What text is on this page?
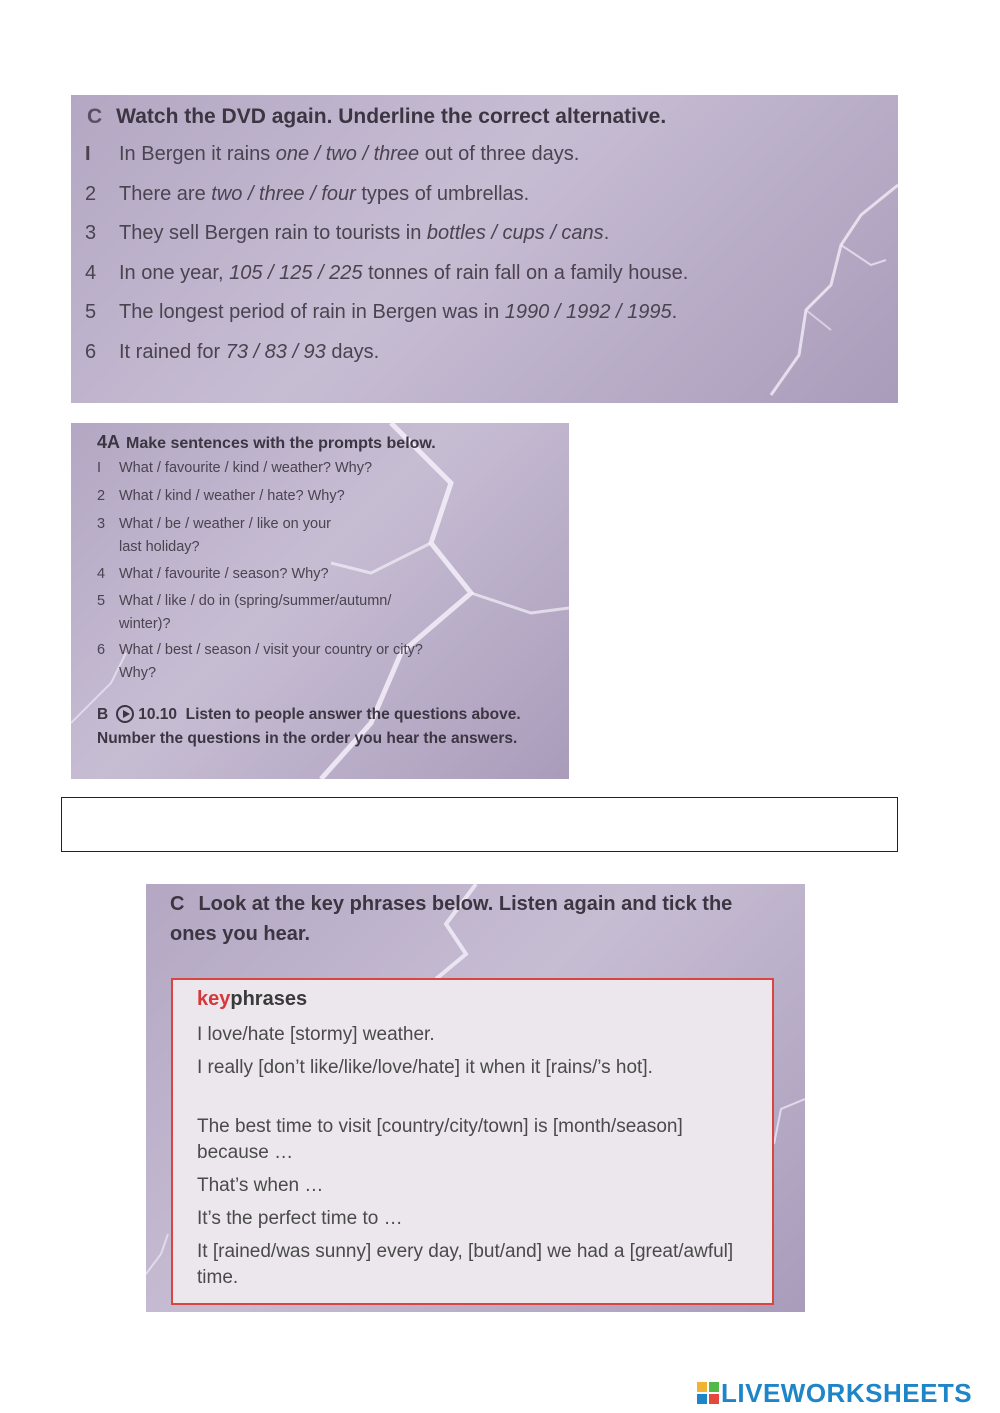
C Watch the DVD again. Underline the correct alternative.
I In Bergen it rains one / two / three out of three days.
2 There are two / three / four types of umbrellas.
3 They sell Bergen rain to tourists in bottles / cups / cans.
4 In one year, 105 / 125 / 225 tonnes of rain fall on a family house.
5 The longest period of rain in Bergen was in 1990 / 1992 / 1995.
6 It rained for 73 / 83 / 93 days.
4A Make sentences with the prompts below.
I What / favourite / kind / weather? Why?
2 What / kind / weather / hate? Why?
3 What / be / weather / like on your
last holiday?
4 What / favourite / season? Why?
5 What / like / do in (spring/summer/autumn/
winter)?
6 What / best / season / visit your country or city?
Why?
B 10.10 Listen to people answer the questions above. Number the questions in the order you hear the answers.
C Look at the key phrases below. Listen again and tick the ones you hear.
keyphrases
I love/hate [stormy] weather.
I really [don’t like/like/love/hate] it when it [rains/’s hot].
The best time to visit [country/city/town] is [month/season] because …
That’s when …
It’s the perfect time to …
It [rained/was sunny] every day, [but/and] we had a [great/awful] time.
LIVEWORKSHEETS
